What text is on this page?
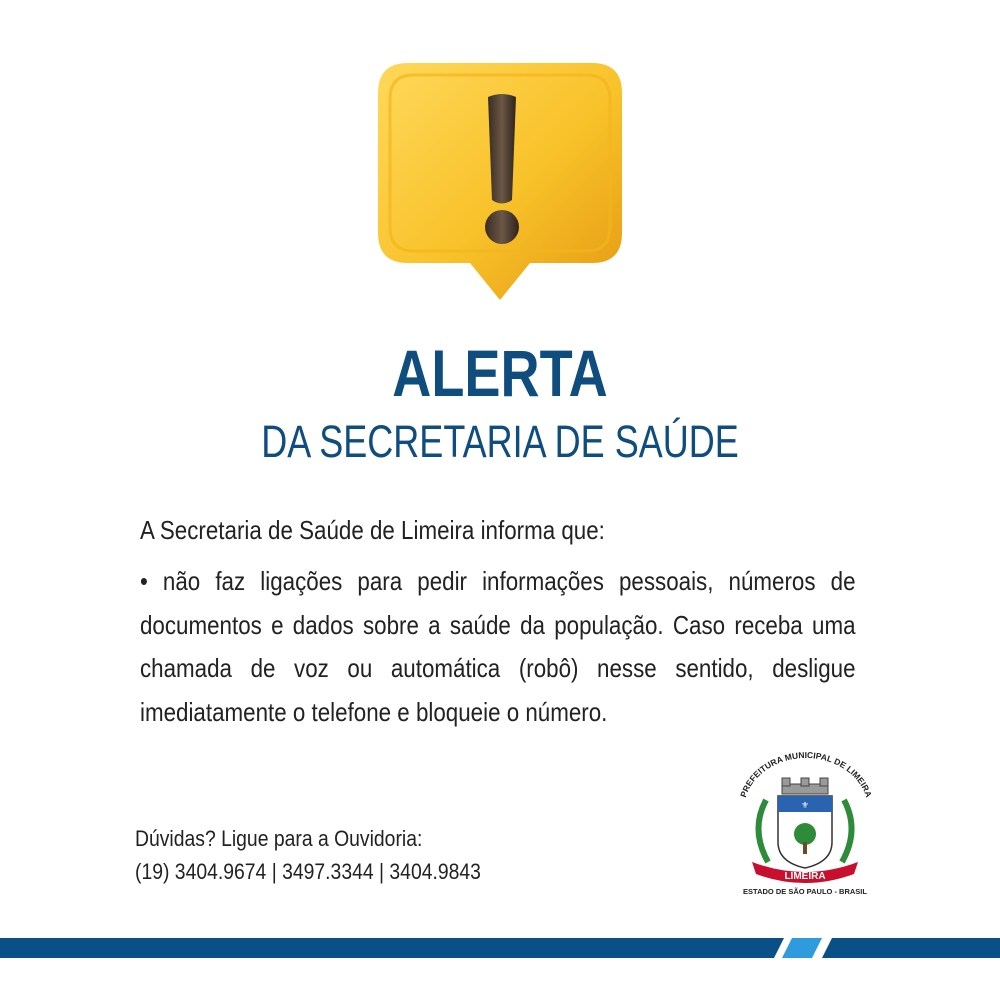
ALERTA
DA SECRETARIA DE SAÚDE
A Secretaria de Saúde de Limeira informa que:
• não faz ligações para pedir informações pessoais, números de documentos e dados sobre a saúde da população. Caso receba uma chamada de voz ou automática (robô) nesse sentido, desligue imediatamente o telefone e bloqueie o número.
Dúvidas? Ligue para a Ouvidoria:
(19) 3404.9674 | 3497.3344 | 3404.9843
PREFEITURA MUNICIPAL DE LIMEIRA
⚜
LIMEIRA
ESTADO DE SÃO PAULO - BRASIL
